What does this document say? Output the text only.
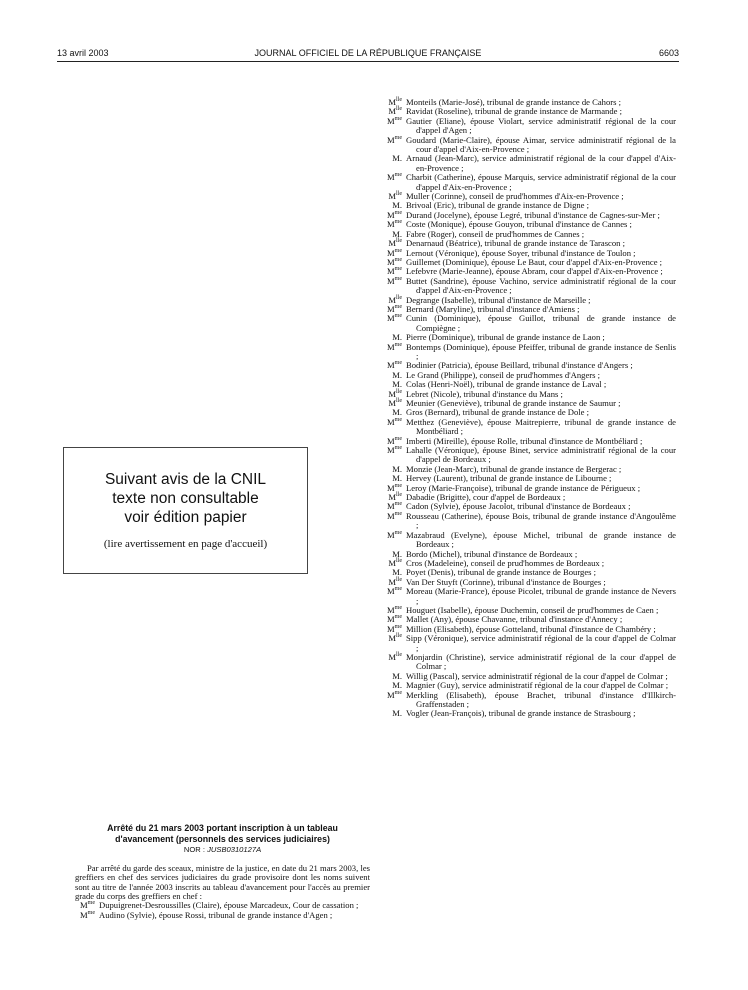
13 avril 2003	JOURNAL OFFICIEL DE LA RÉPUBLIQUE FRANÇAISE	6603
Suivant avis de la CNIL
texte non consultable
voir édition papier
(lire avertissement en page d'accueil)
Arrêté du 21 mars 2003 portant inscription à un tableau
d'avancement (personnels des services judiciaires)
NOR : JUSB0310127A
Par arrêté du garde des sceaux, ministre de la justice, en date du 21 mars 2003, les greffiers en chef des services judiciaires du grade provisoire dont les noms suivent sont au titre de l'année 2003 inscrits au tableau d'avancement pour l'accès au premier grade du corps des greffiers en chef :
$M^{me}$ Dupuigrenet-Desroussilles (Claire), épouse Marcadeux, Cour de cassation ;
$M^{me}$ Audino (Sylvie), épouse Rossi, tribunal de grande instance d'Agen ;
$M^{lle}$ Monteils (Marie-José), tribunal de grande instance de Cahors ;
$M^{lle}$ Ravidat (Roseline), tribunal de grande instance de Marmande ;
$M^{me}$ Gautier (Eliane), épouse Violart, service administratif régional de la cour d'appel d'Agen ;
$M^{me}$ Goudard (Marie-Claire), épouse Aimar, service administratif régional de la cour d'appel d'Aix-en-Provence ;
M. Arnaud (Jean-Marc), service administratif régional de la cour d'appel d'Aix-en-Provence ;
$M^{me}$ Charbit (Catherine), épouse Marquis, service administratif régional de la cour d'appel d'Aix-en-Provence ;
$M^{lle}$ Muller (Corinne), conseil de prud'hommes d'Aix-en-Provence ;
M. Brivoal (Eric), tribunal de grande instance de Digne ;
$M^{me}$ Durand (Jocelyne), épouse Legré, tribunal d'instance de Cagnes-sur-Mer ;
$M^{me}$ Coste (Monique), épouse Gouyon, tribunal d'instance de Cannes ;
M. Fabre (Roger), conseil de prud'hommes de Cannes ;
$M^{lle}$ Denarnaud (Béatrice), tribunal de grande instance de Tarascon ;
$M^{me}$ Lernout (Véronique), épouse Soyer, tribunal d'instance de Toulon ;
$M^{me}$ Guillemet (Dominique), épouse Le Baut, cour d'appel d'Aix-en-Provence ;
$M^{me}$ Lefebvre (Marie-Jeanne), épouse Abram, cour d'appel d'Aix-en-Provence ;
$M^{me}$ Buttet (Sandrine), épouse Vachino, service administratif régional de la cour d'appel d'Aix-en-Provence ;
$M^{lle}$ Degrange (Isabelle), tribunal d'instance de Marseille ;
$M^{me}$ Bernard (Maryline), tribunal d'instance d'Amiens ;
$M^{me}$ Cunin (Dominique), épouse Guillot, tribunal de grande instance de Compiègne ;
M. Pierre (Dominique), tribunal de grande instance de Laon ;
$M^{me}$ Bontemps (Dominique), épouse Pfeiffer, tribunal de grande instance de Senlis ;
$M^{me}$ Bodinier (Patricia), épouse Beillard, tribunal d'instance d'Angers ;
M. Le Grand (Philippe), conseil de prud'hommes d'Angers ;
M. Colas (Henri-Noël), tribunal de grande instance de Laval ;
$M^{lle}$ Lebret (Nicole), tribunal d'instance du Mans ;
$M^{lle}$ Meunier (Geneviève), tribunal de grande instance de Saumur ;
M. Gros (Bernard), tribunal de grande instance de Dole ;
$M^{me}$ Metthez (Geneviève), épouse Maitrepierre, tribunal de grande instance de Montbéliard ;
$M^{me}$ Imberti (Mireille), épouse Rolle, tribunal d'instance de Montbéliard ;
$M^{me}$ Lahalle (Véronique), épouse Binet, service administratif régional de la cour d'appel de Bordeaux ;
M. Monzie (Jean-Marc), tribunal de grande instance de Bergerac ;
M. Hervey (Laurent), tribunal de grande instance de Libourne ;
$M^{me}$ Leroy (Marie-Françoise), tribunal de grande instance de Périgueux ;
$M^{lle}$ Dabadie (Brigitte), cour d'appel de Bordeaux ;
$M^{me}$ Cadon (Sylvie), épouse Jacolot, tribunal d'instance de Bordeaux ;
$M^{me}$ Rousseau (Catherine), épouse Bois, tribunal de grande instance d'Angoulême ;
$M^{me}$ Mazabraud (Evelyne), épouse Michel, tribunal de grande instance de Bordeaux ;
M. Bordo (Michel), tribunal d'instance de Bordeaux ;
$M^{lle}$ Cros (Madeleine), conseil de prud'hommes de Bordeaux ;
M. Poyet (Denis), tribunal de grande instance de Bourges ;
$M^{lle}$ Van Der Stuyft (Corinne), tribunal d'instance de Bourges ;
$M^{me}$ Moreau (Marie-France), épouse Picolet, tribunal de grande instance de Nevers ;
$M^{me}$ Houguet (Isabelle), épouse Duchemin, conseil de prud'hommes de Caen ;
$M^{me}$ Mallet (Any), épouse Chavanne, tribunal d'instance d'Annecy ;
$M^{me}$ Million (Elisabeth), épouse Gotteland, tribunal d'instance de Chambéry ;
$M^{lle}$ Sipp (Véronique), service administratif régional de la cour d'appel de Colmar ;
$M^{lle}$ Monjardin (Christine), service administratif régional de la cour d'appel de Colmar ;
M. Willig (Pascal), service administratif régional de la cour d'appel de Colmar ;
M. Magnier (Guy), service administratif régional de la cour d'appel de Colmar ;
$M^{me}$ Merkling (Elisabeth), épouse Brachet, tribunal d'instance d'Illkirch-Graffenstaden ;
M. Vogler (Jean-François), tribunal de grande instance de Strasbourg ;
